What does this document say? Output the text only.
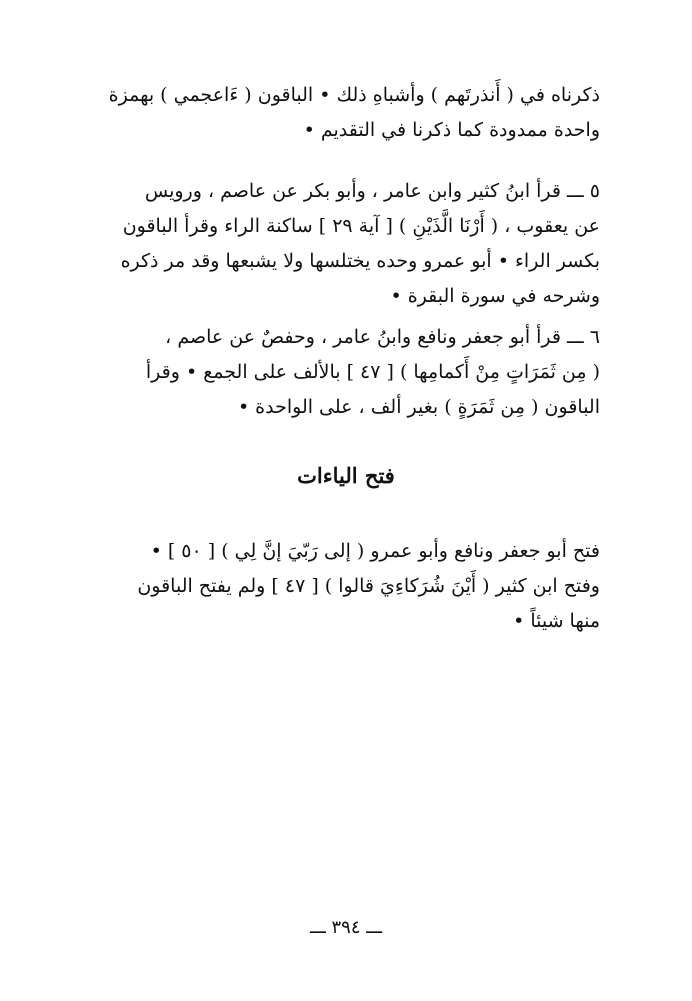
ذكرناه في ( أَنذرتَهم ) وأشباهِ ذلك • الباقون ( ءَاعجمي ) بهمزة
واحدة ممدودة كما ذكرنا في التقديم •
٥ ـــ قرأ ابنُ كثير وابن عامر ، وأبو بكر عن عاصم ، ورويس
عن يعقوب ، ( أَرْنَا الَّذَيْنِ ) [ آية ٢٩ ] ساكنة الراء وقرأ الباقون
بكسر الراء • أبو عمرو وحده يختلسها ولا يشبعها وقد مر ذكره
وشرحه في سورة البقرة •
٦ ـــ قرأ أبو جعفر ونافع وابنُ عامر ، وحفصٌ عن عاصم ،
( مِن ثَمَرَاتٍ مِنْ أَكمامِها ) [ ٤٧ ] بالألف على الجمع • وقرأ
الباقون ( مِن ثَمَرَةٍ ) بغير ألف ، على الواحدة •
فتح الياءات
فتح أبو جعفر ونافع وأبو عمرو ( إلى رَبّيَ إنَّ لِي ) [ ٥٠ ] •
وفتح ابن كثير ( أَيْنَ شُرَكاءِيَ قالوا ) [ ٤٧ ] ولم يفتح الباقون
منها شيئاً •
ـــ ٣٩٤ ـــ
